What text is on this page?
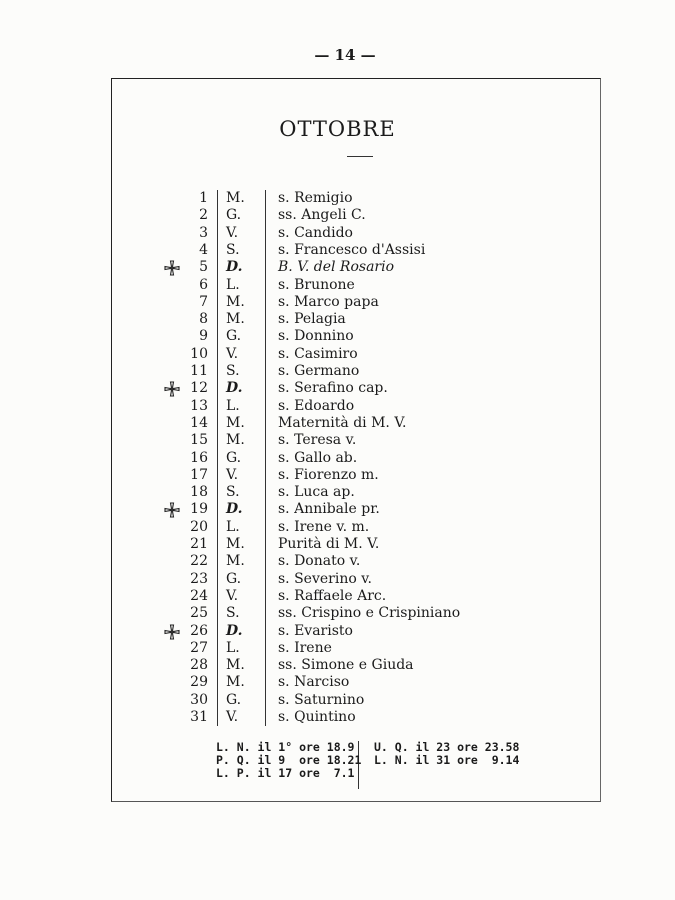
— 14 —
OTTOBRE
1 M. s. Remigio
2 G.	ss. Angeli C.
3 V.	s. Candido
4 S.	s. Francesco d'Assisi
5 D.	B. V. del Rosario
6 L.	s. Brunone
7 M. s. Marco papa
8 M. s. Pelagia
9 G.	s. Donnino
10 V.	s. Casimiro
11 S.	s. Germano
12 D.	s. Serafino cap.
13 L.	s. Edoardo
14 M. Maternità di M. V.
15 M. s. Teresa v.
16 G.	s. Gallo ab.
17 V.	s. Fiorenzo m.
18 S.	s. Luca ap.
19 D.	s. Annibale pr.
20 L.	s. Irene v. m.
21 M. Purità di M. V.
22 M. s. Donato v.
23 G.	s. Severino v.
24 V.	s. Raffaele Arc.
25 S.	ss. Crispino e Crispiniano
26 D.	s. Evaristo
27 L.	s. Irene
28 M. ss. Simone e Giuda
29 M. s. Narciso
30 G.	s. Saturnino
31 V.	s. Quintino
L. N. il 1° ore 18.9
P. Q. il 9  ore 18.21
L. P. il 17 ore  7.1
U. Q. il 23 ore 23.58
L. N. il 31 ore  9.14
